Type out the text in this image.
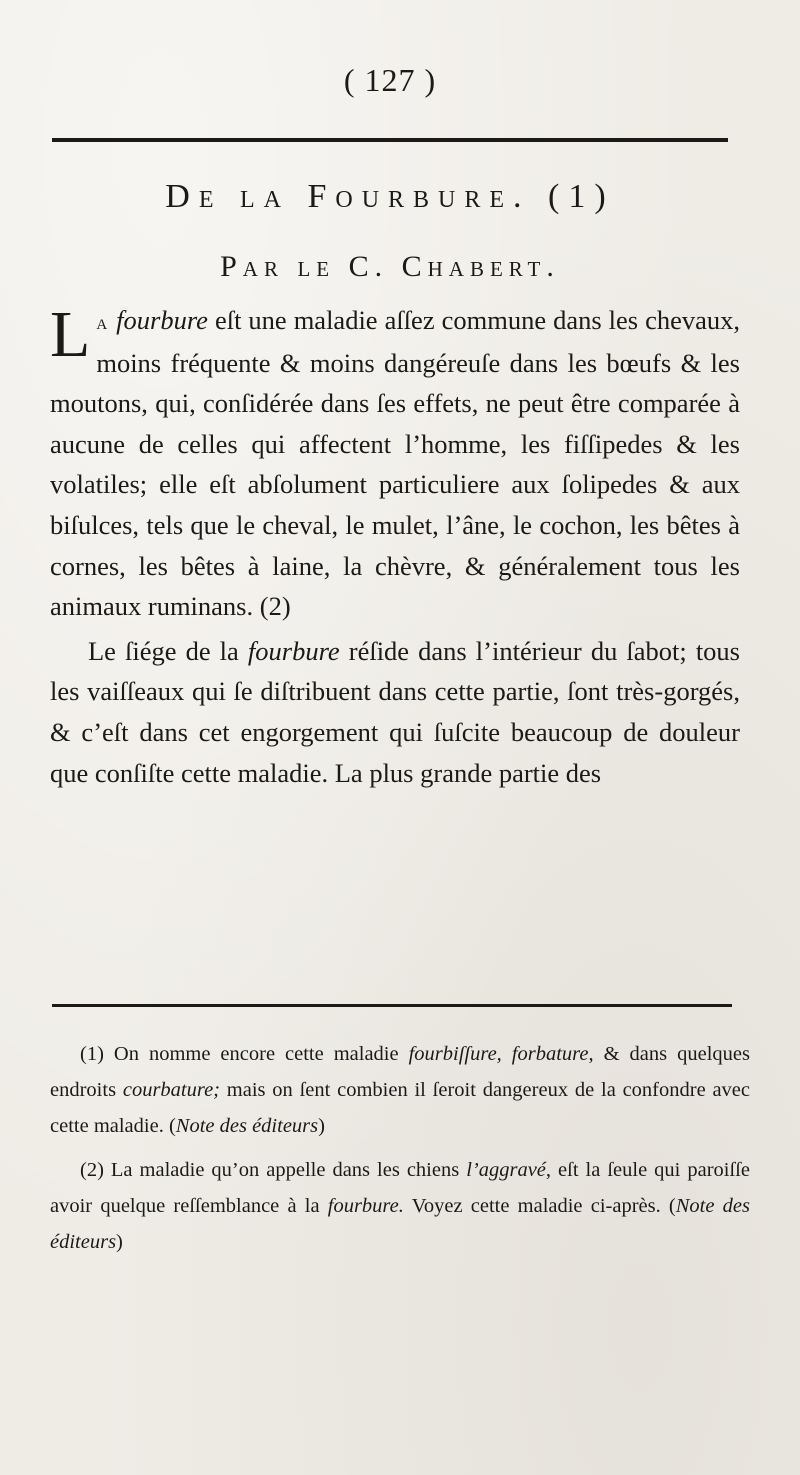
( 127 )
De la Fourbure. (1)
Par le C. Chabert.

La fourbure eſt une maladie aſſez commune dans les chevaux, moins fréquente & moins dangéreuſe dans les bœufs & les moutons, qui, conſidérée dans ſes effets, ne peut être comparée à aucune de celles qui affectent l’homme, les fiſſipedes & les volatiles; elle eſt abſolument particuliere aux ſolipedes & aux biſulces, tels que le cheval, le mulet, l’âne, le cochon, les bêtes à cornes, les bêtes à laine, la chèvre, & généralement tous les animaux ruminans. (2)

Le ſiége de la fourbure réſide dans l’intérieur du ſabot; tous les vaiſſeaux qui ſe diſtribuent dans cette partie, ſont très-gorgés, & c’eſt dans cet engorgement qui ſuſcite beaucoup de douleur que conſiſte cette maladie. La plus grande partie des

(1) On nomme encore cette maladie fourbiſſure, forbature, & dans quelques endroits courbature; mais on ſent combien il ſeroit dangereux de la confondre avec cette maladie. (Note des éditeurs)

(2) La maladie qu’on appelle dans les chiens l’aggravé, eſt la ſeule qui paroiſſe avoir quelque reſſemblance à la fourbure. Voyez cette maladie ci-après. (Note des éditeurs)
